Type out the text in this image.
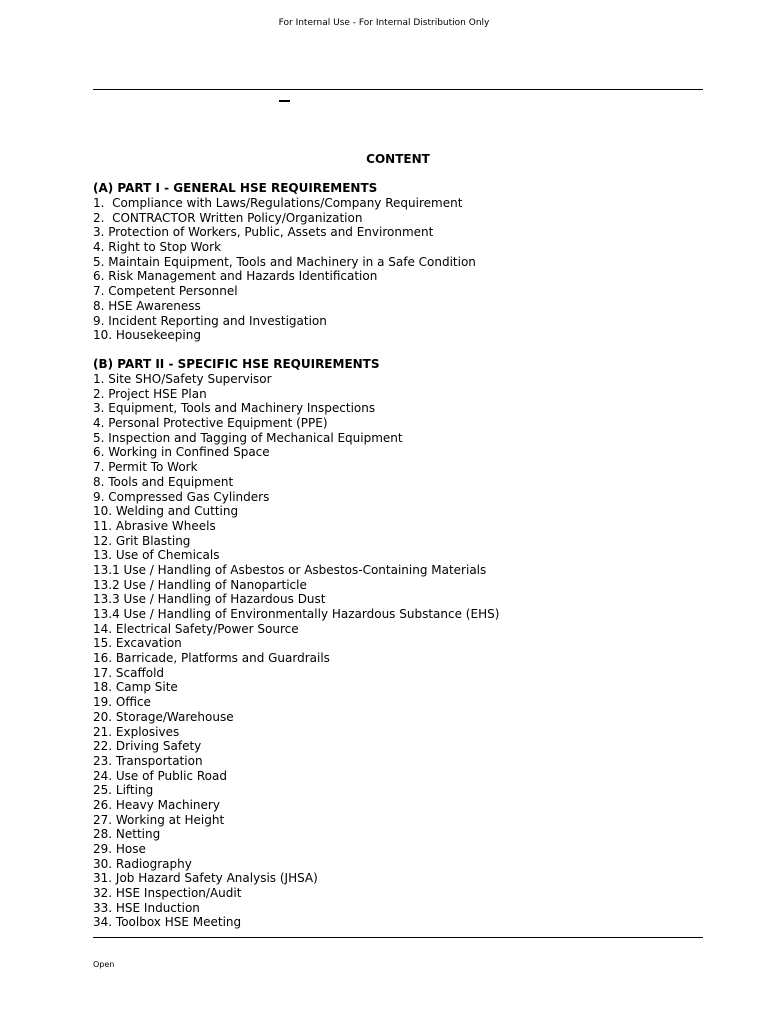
For Internal Use - For Internal Distribution Only
CONTENT
(A) PART I - GENERAL HSE REQUIREMENTS
1.  Compliance with Laws/Regulations/Company Requirement
2.  CONTRACTOR Written Policy/Organization
3. Protection of Workers, Public, Assets and Environment
4. Right to Stop Work
5. Maintain Equipment, Tools and Machinery in a Safe Condition
6. Risk Management and Hazards Identification
7. Competent Personnel
8. HSE Awareness
9. Incident Reporting and Investigation
10. Housekeeping
(B) PART II - SPECIFIC HSE REQUIREMENTS
1. Site SHO/Safety Supervisor
2. Project HSE Plan
3. Equipment, Tools and Machinery Inspections
4. Personal Protective Equipment (PPE)
5. Inspection and Tagging of Mechanical Equipment
6. Working in Confined Space
7. Permit To Work
8. Tools and Equipment
9. Compressed Gas Cylinders
10. Welding and Cutting
11. Abrasive Wheels
12. Grit Blasting
13. Use of Chemicals
13.1 Use / Handling of Asbestos or Asbestos-Containing Materials
13.2 Use / Handling of Nanoparticle
13.3 Use / Handling of Hazardous Dust
13.4 Use / Handling of Environmentally Hazardous Substance (EHS)
14. Electrical Safety/Power Source
15. Excavation
16. Barricade, Platforms and Guardrails
17. Scaffold
18. Camp Site
19. Office
20. Storage/Warehouse
21. Explosives
22. Driving Safety
23. Transportation
24. Use of Public Road
25. Lifting
26. Heavy Machinery
27. Working at Height
28. Netting
29. Hose
30. Radiography
31. Job Hazard Safety Analysis (JHSA)
32. HSE Inspection/Audit
33. HSE Induction
34. Toolbox HSE Meeting
Open
